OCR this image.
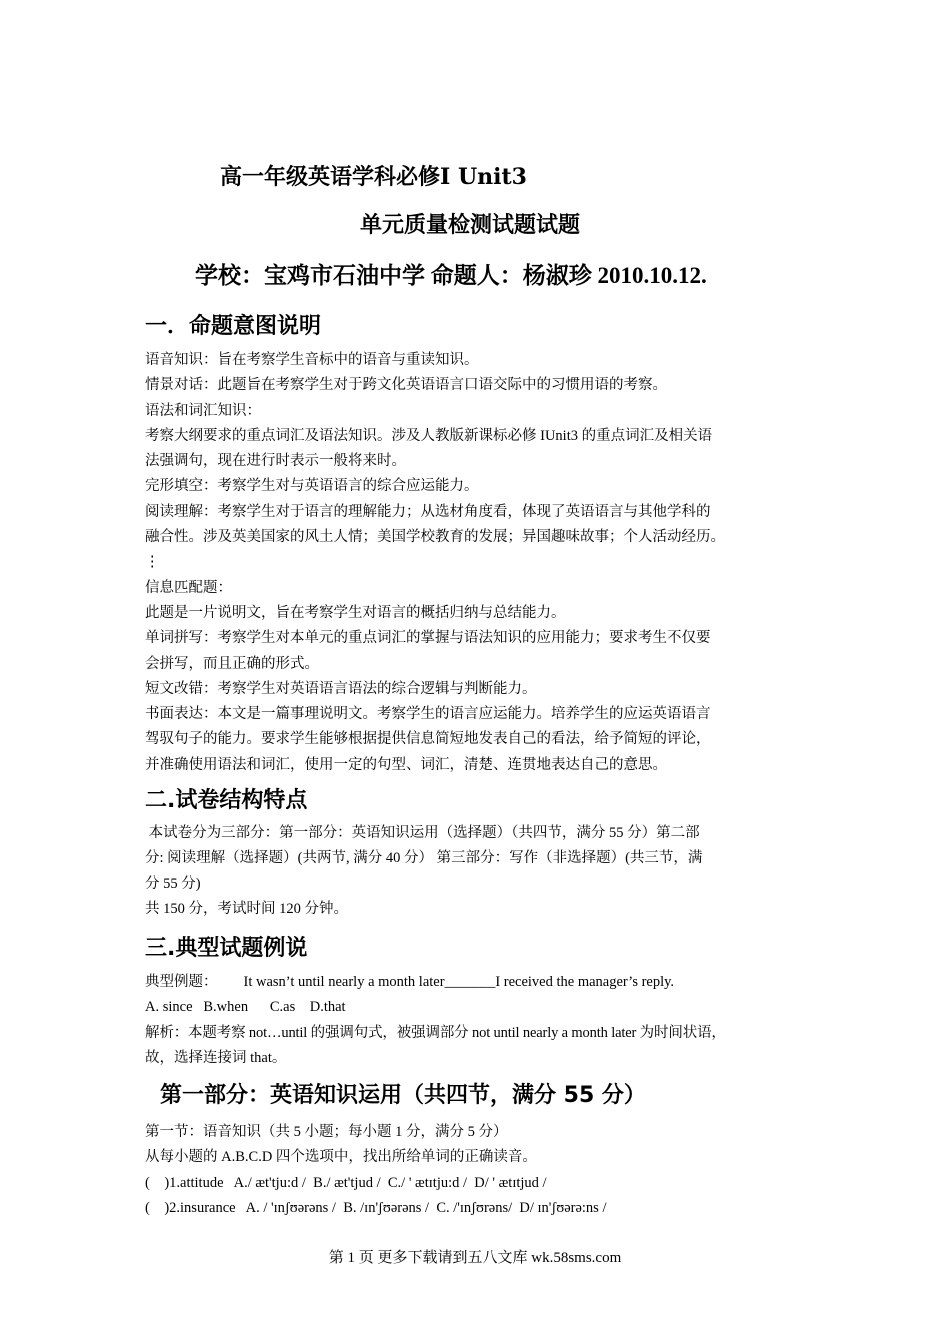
高一年级英语学科必修Ⅰ Unit3
单元质量检测试题试题
学校：宝鸡市石油中学 命题人：杨淑珍 2010.10.12.
一．命题意图说明

语音知识：旨在考察学生音标中的语音与重读知识。

情景对话：此题旨在考察学生对于跨文化英语语言口语交际中的习惯用语的考察。

语法和词汇知识：

考察大纲要求的重点词汇及语法知识。涉及人教版新课标必修 IUnit3 的重点词汇及相关语

法强调句，现在进行时表示一般将来时。

完形填空：考察学生对与英语语言的综合应运能力。

阅读理解：考察学生对于语言的理解能力；从选材角度看，体现了英语语言与其他学科的

融合性。涉及英美国家的风土人情；美国学校教育的发展；异国趣味故事；个人活动经历。

⋮

信息匹配题：

此题是一片说明文，旨在考察学生对语言的概括归纳与总结能力。

单词拼写：考察学生对本单元的重点词汇的掌握与语法知识的应用能力；要求考生不仅要

会拼写，而且正确的形式。

短文改错：考察学生对英语语言语法的综合逻辑与判断能力。

书面表达：本文是一篇事理说明文。考察学生的语言应运能力。培养学生的应运英语语言

驾驭句子的能力。要求学生能够根据提供信息简短地发表自己的看法，给予简短的评论，

并准确使用语法和词汇，使用一定的句型、词汇，清楚、连贯地表达自己的意思。

二.试卷结构特点

本试卷分为三部分：第一部分：英语知识运用（选择题）（共四节，满分 55 分）第二部

分: 阅读理解（选择题）(共两节, 满分 40 分） 第三部分：写作（非选择题）(共三节，满

分 55 分)

共 150 分，考试时间 120 分钟。

三.典型试题例说

典型例题： It wasn’t until nearly a month later_______I received the manager’s reply.

A. since   B.when      C.as    D.that

解析：本题考察 not…until 的强调句式，被强调部分 not until nearly a month later 为时间状语，

故，选择连接词 that。

第一部分：英语知识运用（共四节，满分 55 分）

第一节：语音知识（共 5 小题；每小题 1 分，满分 5 分）

从每小题的 A.B.C.D 四个选项中，找出所给单词的正确读音。

(    )1.attitude   A./ æt'tju:d /  B./ æt'tjud /  C./ ' ætɪtju:d /  D/ ' ætɪtjud /

(    )2.insurance   A. / 'ɪnʃʊərəns /  B. /ɪn'ʃʊərəns /  C. /'ɪnʃʊrəns/  D/ ɪn'ʃʊərə:ns /

第 1 页 更多下载请到五八文库 wk.58sms.com
